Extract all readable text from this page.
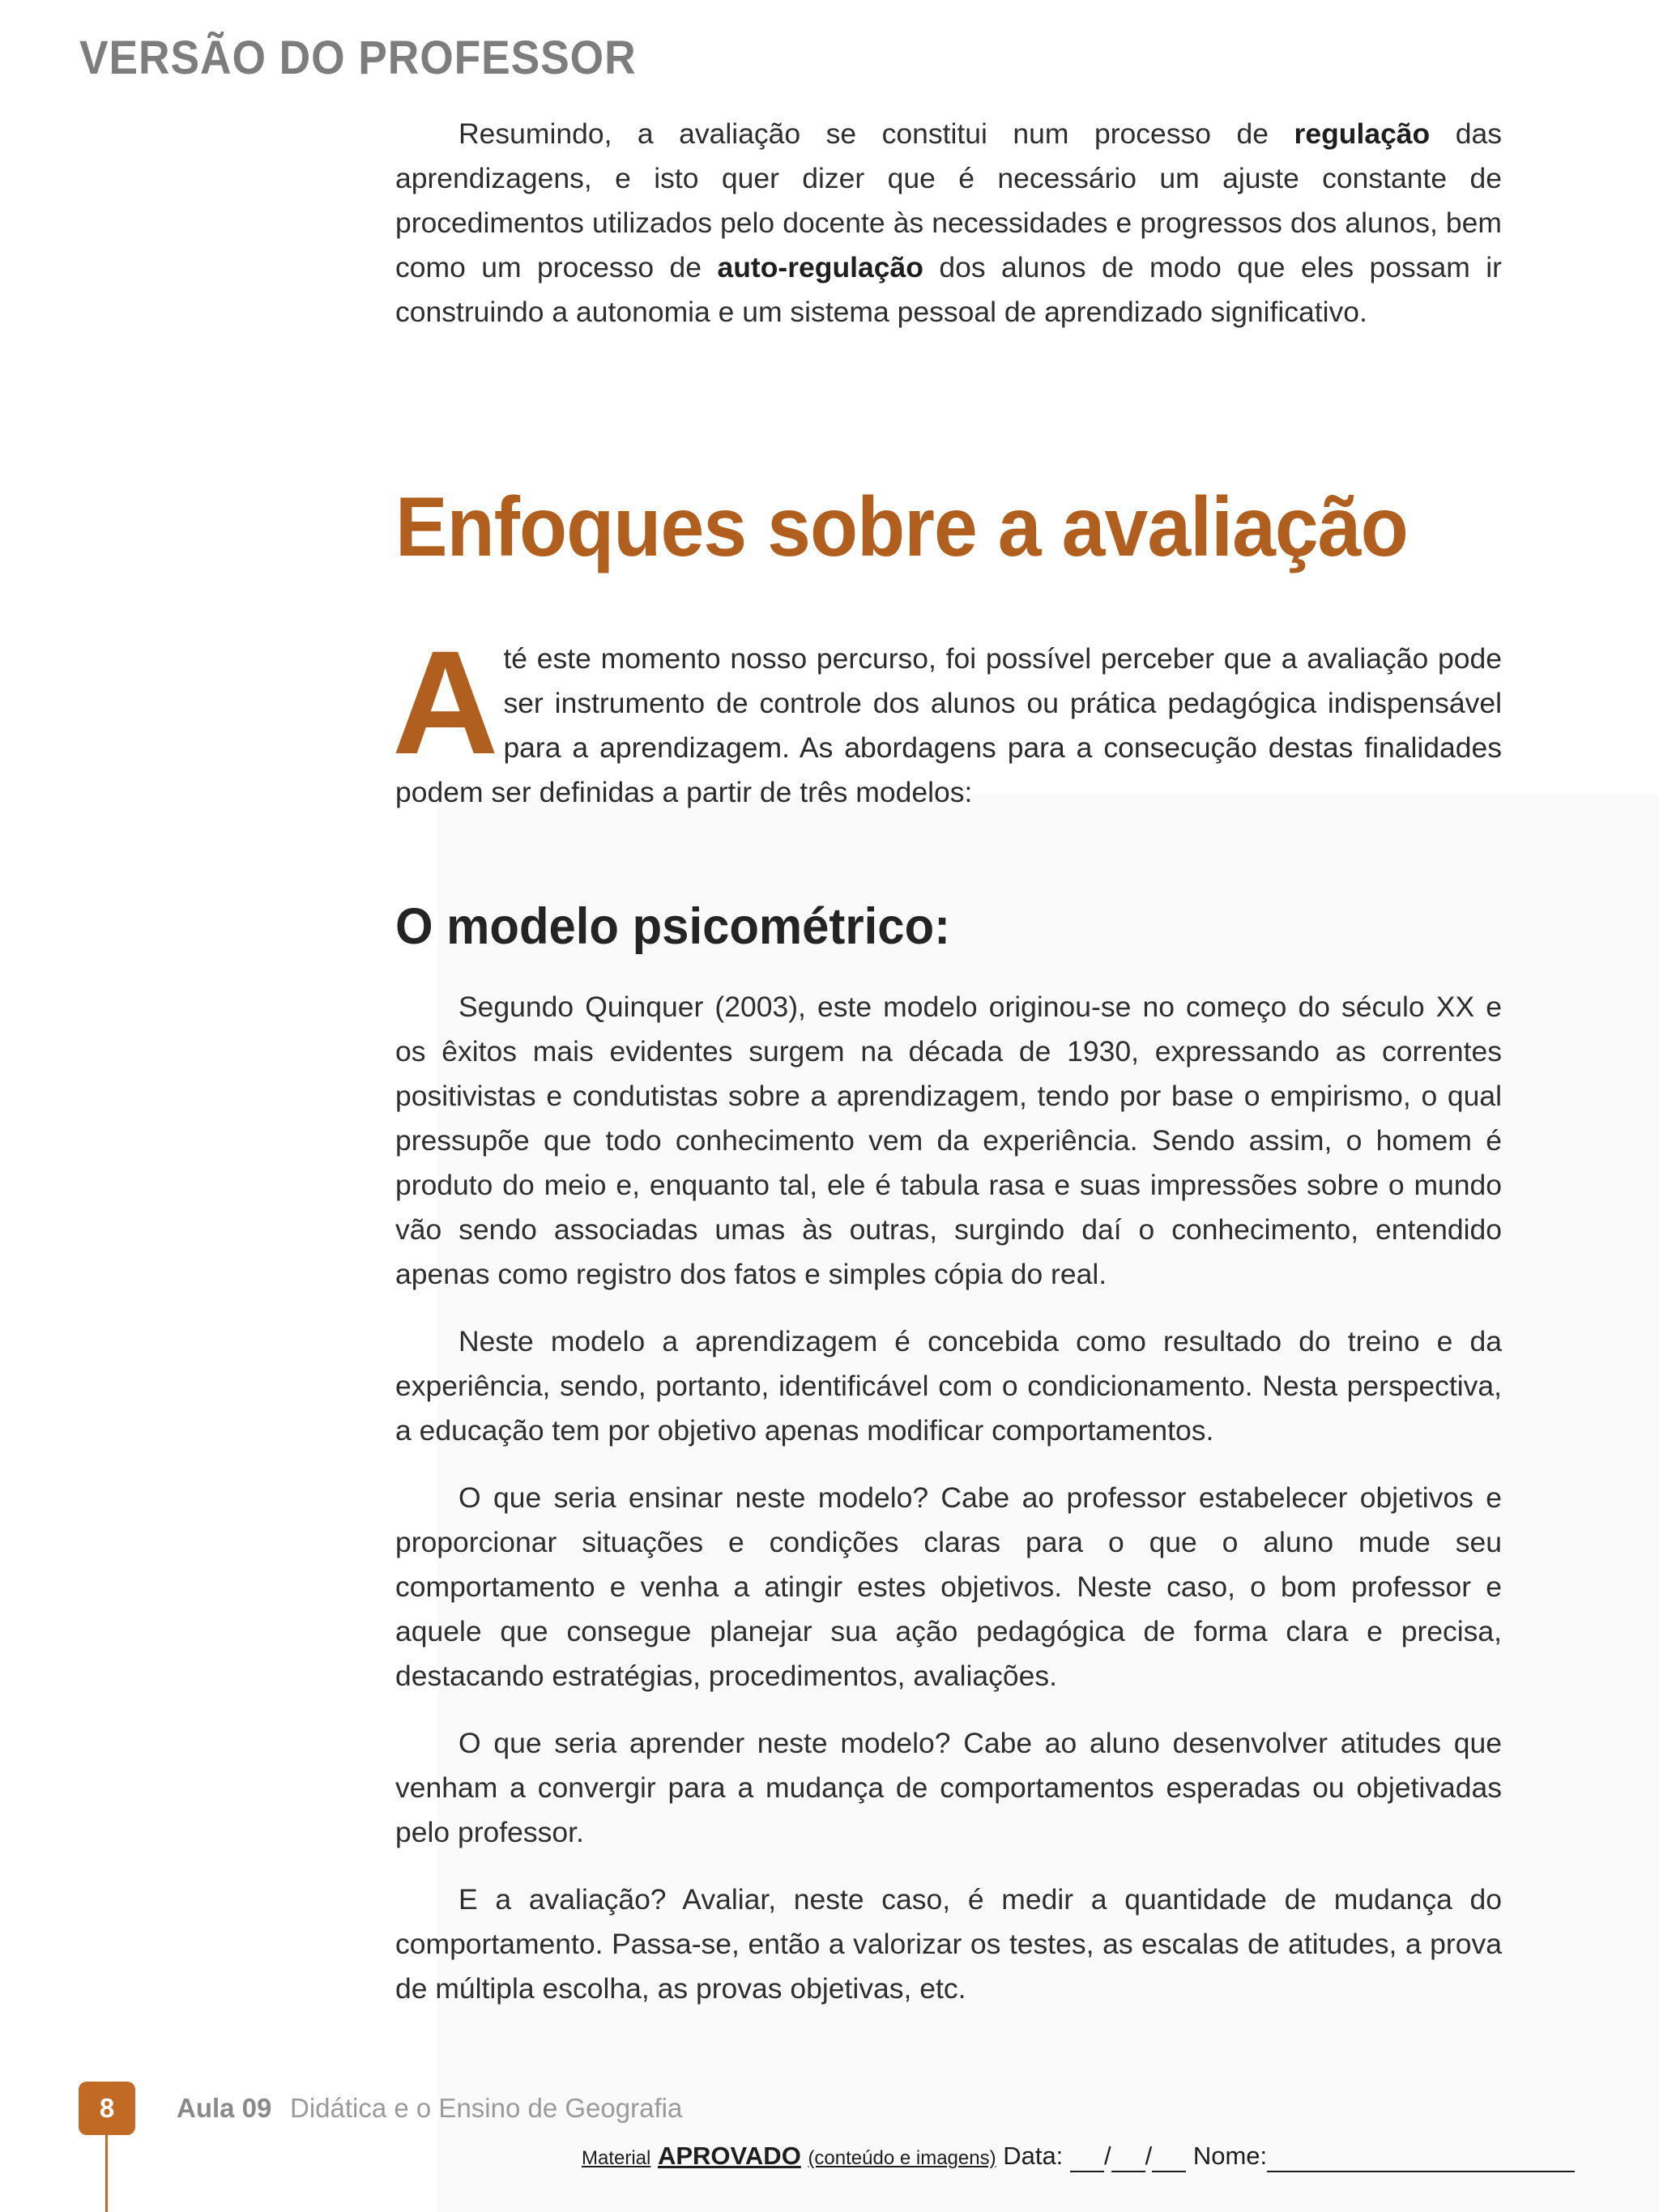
VERSÃO DO PROFESSOR

Resumindo, a avaliação se constitui num processo de regulação das aprendizagens, e isto quer dizer que é necessário um ajuste constante de procedimentos utilizados pelo docente às necessidades e progressos dos alunos, bem como um processo de auto-regulação dos alunos de modo que eles possam ir construindo a autonomia e um sistema pessoal de aprendizado significativo.

Enfoques sobre a avaliação
A té este momento nosso percurso, foi possível perceber que a avaliação pode ser instrumento de controle dos alunos ou prática pedagógica indispensável para a aprendizagem. As abordagens para a consecução destas finalidades podem ser definidas a partir de três modelos:

O modelo psicométrico:

Segundo Quinquer (2003), este modelo originou-se no começo do século XX e os êxitos mais evidentes surgem na década de 1930, expressando as correntes positivistas e condutistas sobre a aprendizagem, tendo por base o empirismo, o qual pressupõe que todo conhecimento vem da experiência. Sendo assim, o homem é produto do meio e, enquanto tal, ele é tabula rasa e suas impressões sobre o mundo vão sendo associadas umas às outras, surgindo daí o conhecimento, entendido apenas como registro dos fatos e simples cópia do real.

Neste modelo a aprendizagem é concebida como resultado do treino e da experiência, sendo, portanto, identificável com o condicionamento. Nesta perspectiva, a educação tem por objetivo apenas modificar comportamentos.

O que seria ensinar neste modelo? Cabe ao professor estabelecer objetivos e proporcionar situações e condições claras para o que o aluno mude seu comportamento e venha a atingir estes objetivos. Neste caso, o bom professor e aquele que consegue planejar sua ação pedagógica de forma clara e precisa, destacando estratégias, procedimentos, avaliações.

O que seria aprender neste modelo? Cabe ao aluno desenvolver atitudes que venham a convergir para a mudança de comportamentos esperadas ou objetivadas pelo professor.

E a avaliação? Avaliar, neste caso, é medir a quantidade de mudança do comportamento. Passa-se, então a valorizar os testes, as escalas de atitudes, a prova de múltipla escolha, as provas objetivas, etc.

8	Aula 09 Didática e o Ensino de Geografia
Material APROVADO (conteúdo e imagens) Data: / / Nome:
